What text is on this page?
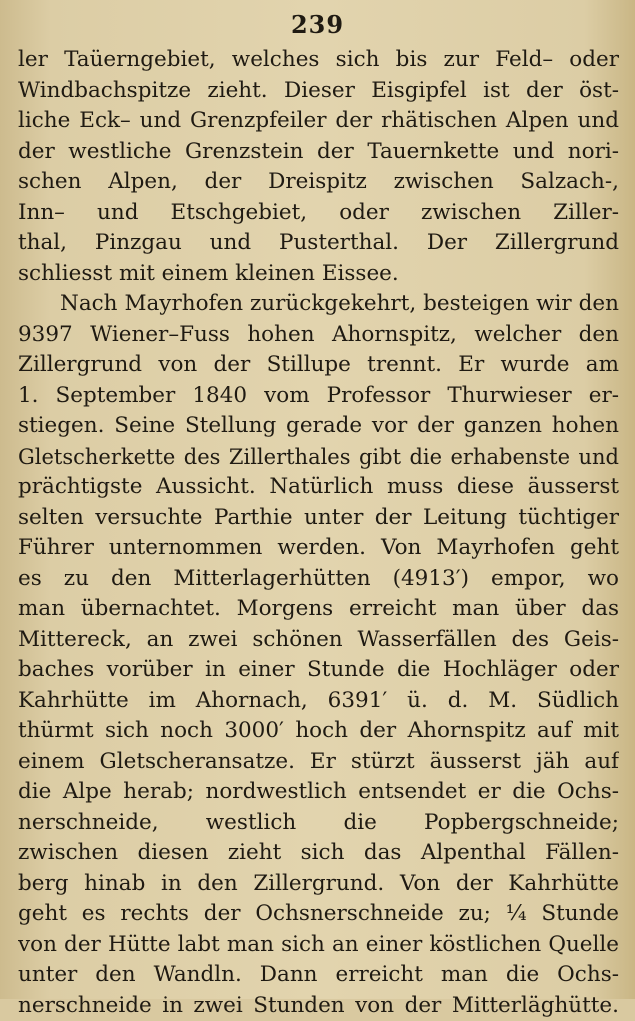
239
ler Taüerngebiet, welches sich bis zur Feld– oder
Windbachspitze zieht. Dieser Eisgipfel ist der öst-
liche Eck– und Grenzpfeiler der rhätischen Alpen und
der westliche Grenzstein der Tauernkette und nori-
schen Alpen, der Dreispitz zwischen Salzach-,
Inn– und Etschgebiet, oder zwischen Ziller-
thal, Pinzgau und Pusterthal. Der Zillergrund
schliesst mit einem kleinen Eissee.
Nach Mayrhofen zurückgekehrt, besteigen wir den
9397 Wiener–Fuss hohen Ahornspitz, welcher den
Zillergrund von der Stillupe trennt. Er wurde am
1. September 1840 vom Professor Thurwieser er-
stiegen. Seine Stellung gerade vor der ganzen hohen
Gletscherkette des Zillerthales gibt die erhabenste und
prächtigste Aussicht. Natürlich muss diese äusserst
selten versuchte Parthie unter der Leitung tüchtiger
Führer unternommen werden. Von Mayrhofen geht
es zu den Mitterlagerhütten (4913′) empor, wo
man übernachtet. Morgens erreicht man über das
Mittereck, an zwei schönen Wasserfällen des Geis-
baches vorüber in einer Stunde die Hochläger oder
Kahrhütte im Ahornach, 6391′ ü. d. M. Südlich
thürmt sich noch 3000′ hoch der Ahornspitz auf mit
einem Gletscheransatze. Er stürzt äusserst jäh auf
die Alpe herab; nordwestlich entsendet er die Ochs-
nerschneide, westlich die Popbergschneide;
zwischen diesen zieht sich das Alpenthal Fällen-
berg hinab in den Zillergrund. Von der Kahrhütte
geht es rechts der Ochsnerschneide zu; ¼ Stunde
von der Hütte labt man sich an einer köstlichen Quelle
unter den Wandln. Dann erreicht man die Ochs-
nerschneide in zwei Stunden von der Mitterläghütte.
